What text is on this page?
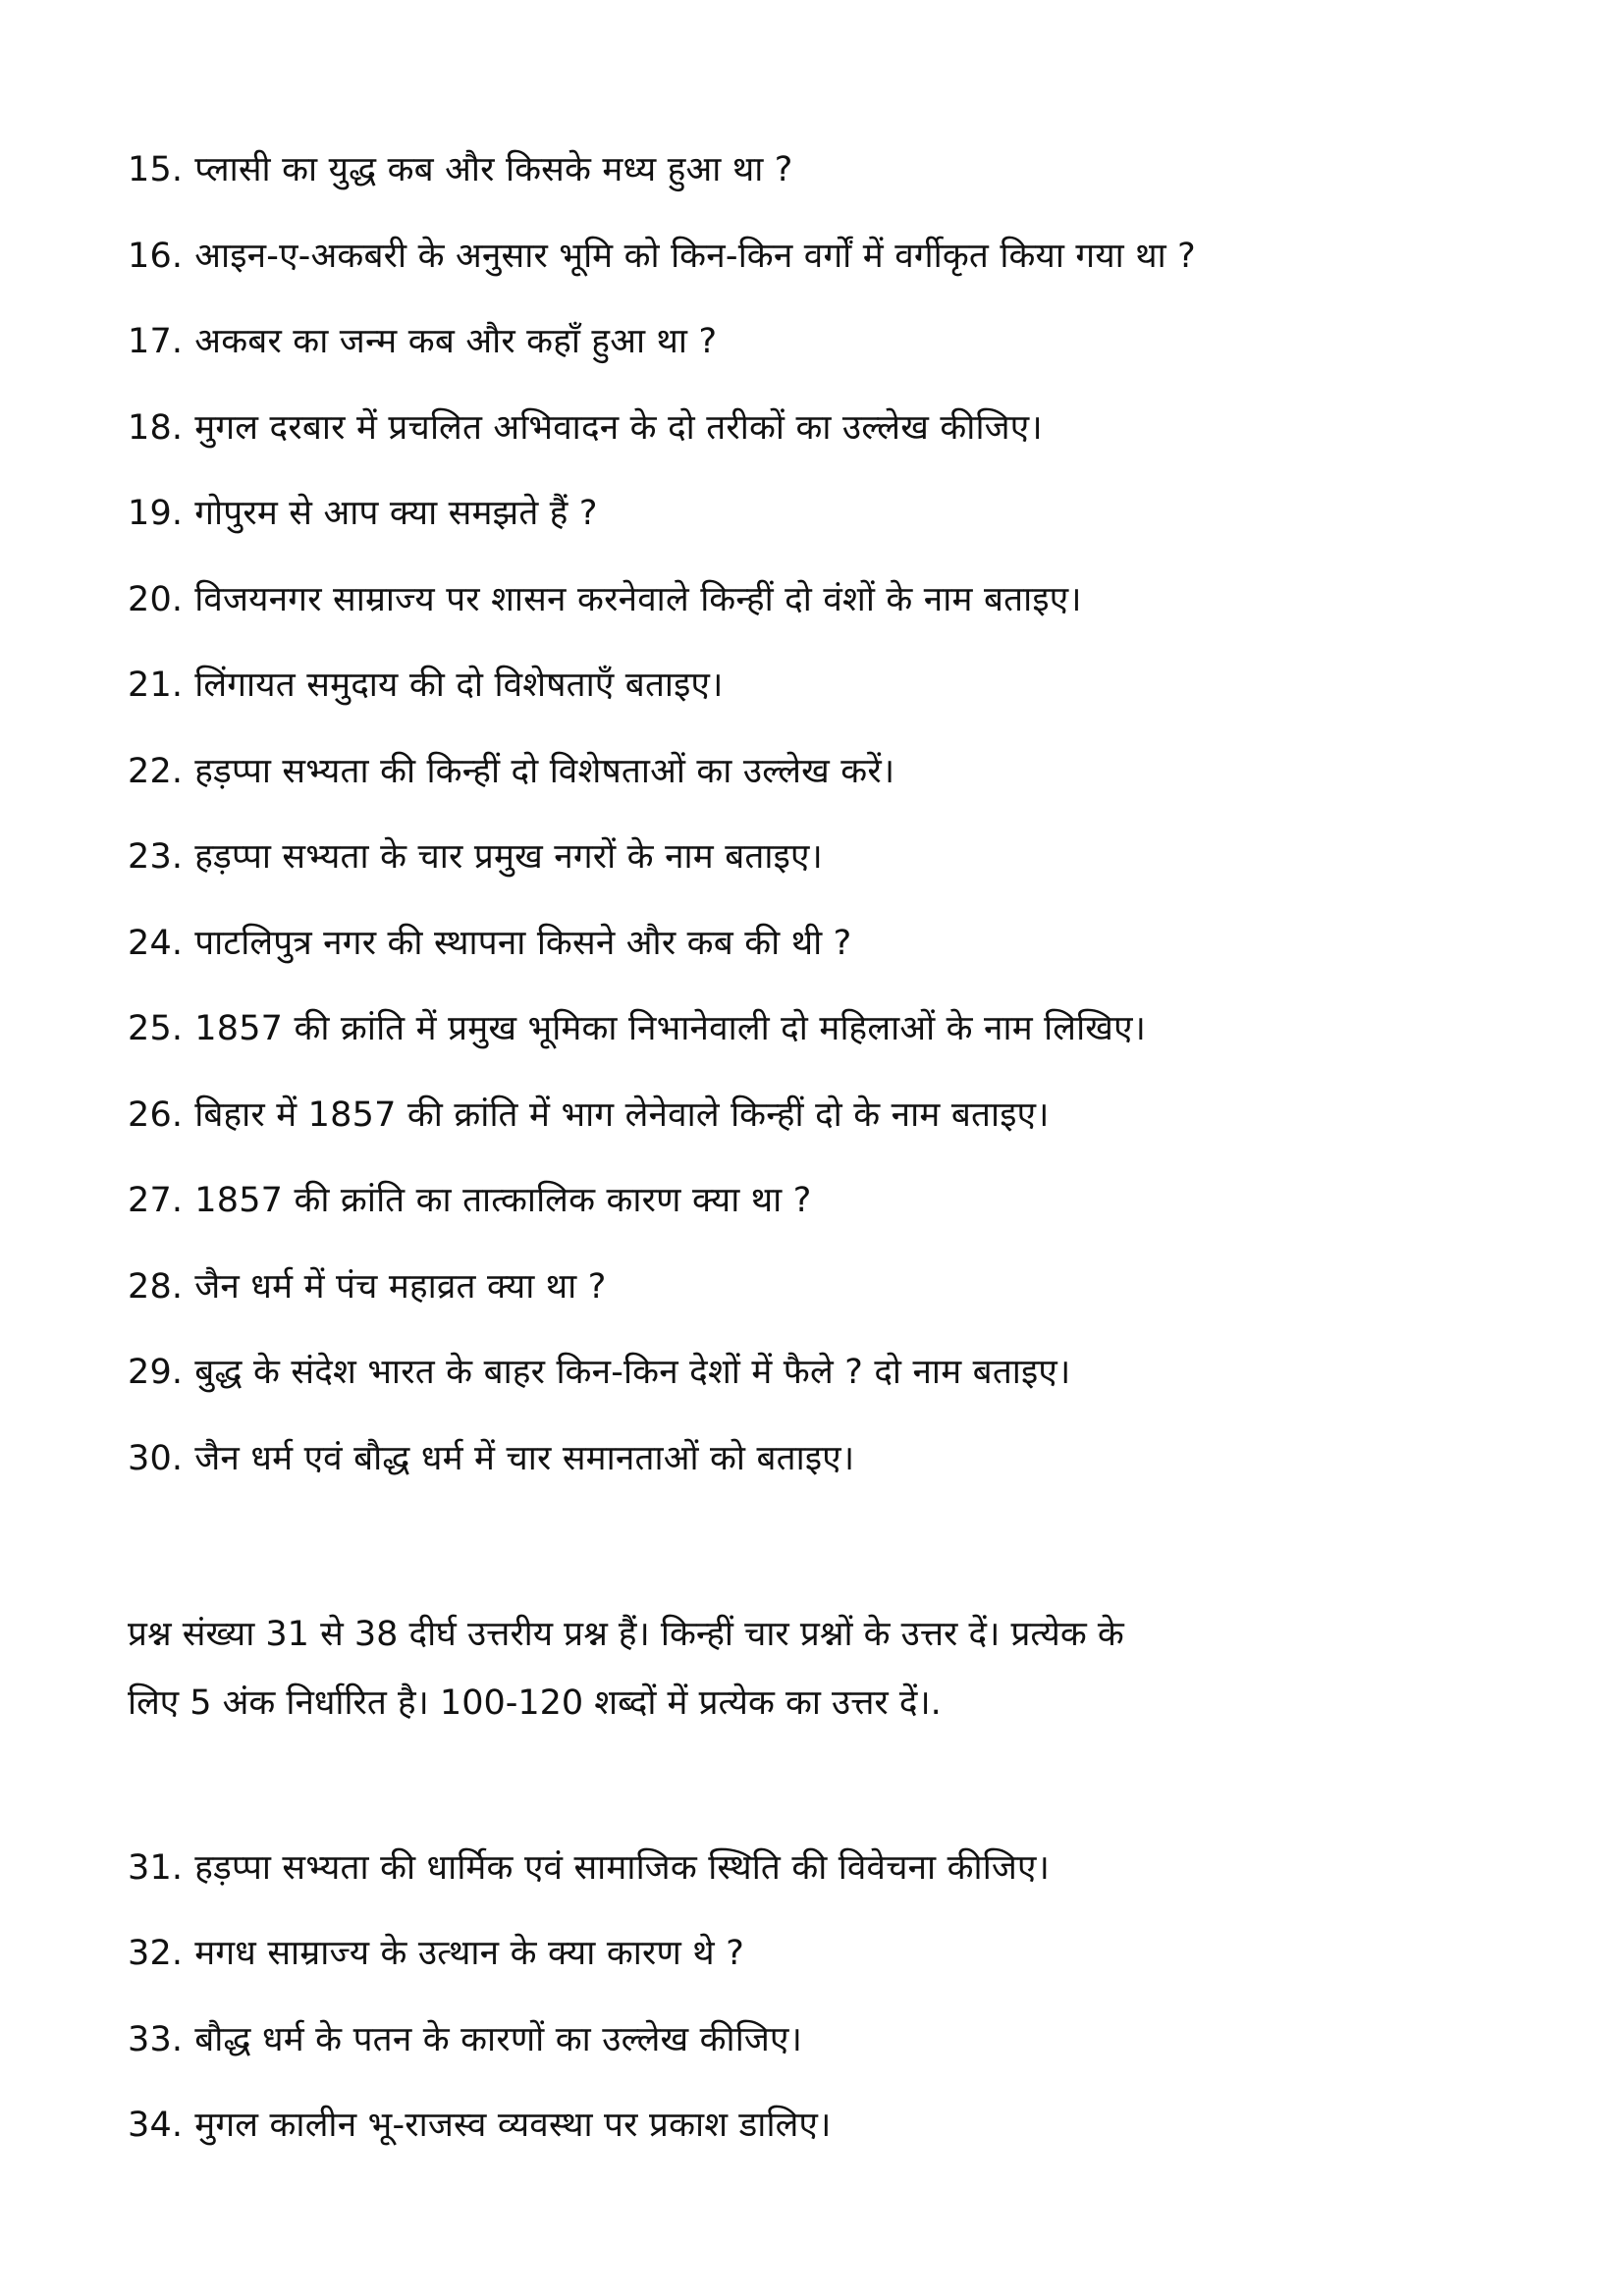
15. प्लासी का युद्ध कब और किसके मध्य हुआ था ?
16. आइन-ए-अकबरी के अनुसार भूमि को किन-किन वर्गों में वर्गीकृत किया गया था ?
17. अकबर का जन्म कब और कहाँ हुआ था ?
18. मुगल दरबार में प्रचलित अभिवादन के दो तरीकों का उल्लेख कीजिए।
19. गोपुरम से आप क्या समझते हैं ?
20. विजयनगर साम्राज्य पर शासन करनेवाले किन्हीं दो वंशों के नाम बताइए।
21. लिंगायत समुदाय की दो विशेषताएँ बताइए।
22. हड़प्पा सभ्यता की किन्हीं दो विशेषताओं का उल्लेख करें।
23. हड़प्पा सभ्यता के चार प्रमुख नगरों के नाम बताइए।
24. पाटलिपुत्र नगर की स्थापना किसने और कब की थी ?
25. 1857 की क्रांति में प्रमुख भूमिका निभानेवाली दो महिलाओं के नाम लिखिए।
26. बिहार में 1857 की क्रांति में भाग लेनेवाले किन्हीं दो के नाम बताइए।
27. 1857 की क्रांति का तात्कालिक कारण क्या था ?
28. जैन धर्म में पंच महाव्रत क्या था ?
29. बुद्ध के संदेश भारत के बाहर किन-किन देशों में फैले ? दो नाम बताइए।
30. जैन धर्म एवं बौद्ध धर्म में चार समानताओं को बताइए।
प्रश्न संख्या 31 से 38 दीर्घ उत्तरीय प्रश्न हैं। किन्हीं चार प्रश्नों के उत्तर दें। प्रत्येक के
लिए 5 अंक निर्धारित है। 100-120 शब्दों में प्रत्येक का उत्तर दें।.
31. हड़प्पा सभ्यता की धार्मिक एवं सामाजिक स्थिति की विवेचना कीजिए।
32. मगध साम्राज्य के उत्थान के क्या कारण थे ?
33. बौद्ध धर्म के पतन के कारणों का उल्लेख कीजिए।
34. मुगल कालीन भू-राजस्व व्यवस्था पर प्रकाश डालिए।
